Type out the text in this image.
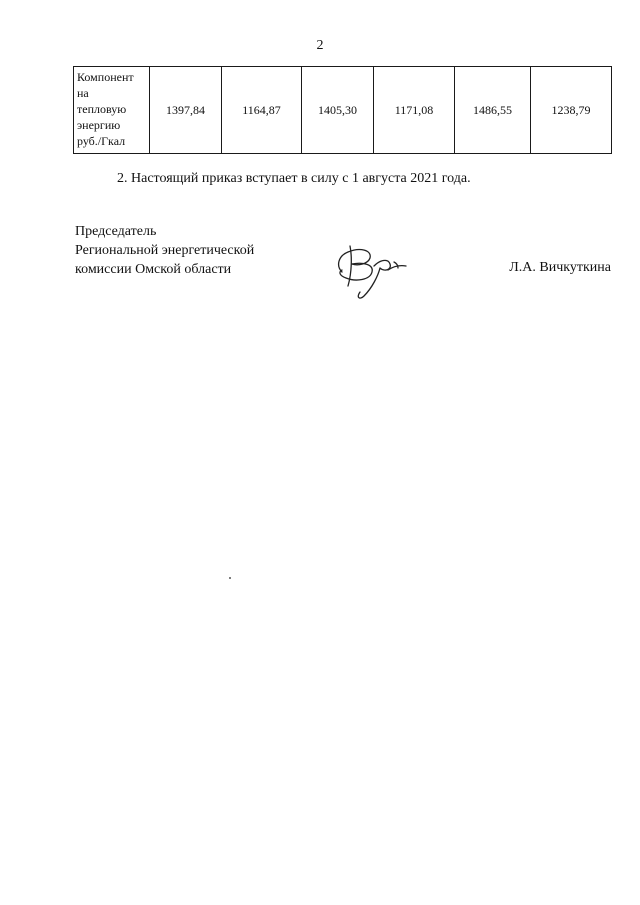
2
Компонент
на
тепловую
энергию
руб./Гкал
	1397,84	1164,87	1405,30	1171,08	1486,55	1238,79
2. Настоящий приказ вступает в силу с 1 августа 2021 года.
Председатель
Региональной энергетической
комиссии Омской области	Л.А. Вичкуткина
